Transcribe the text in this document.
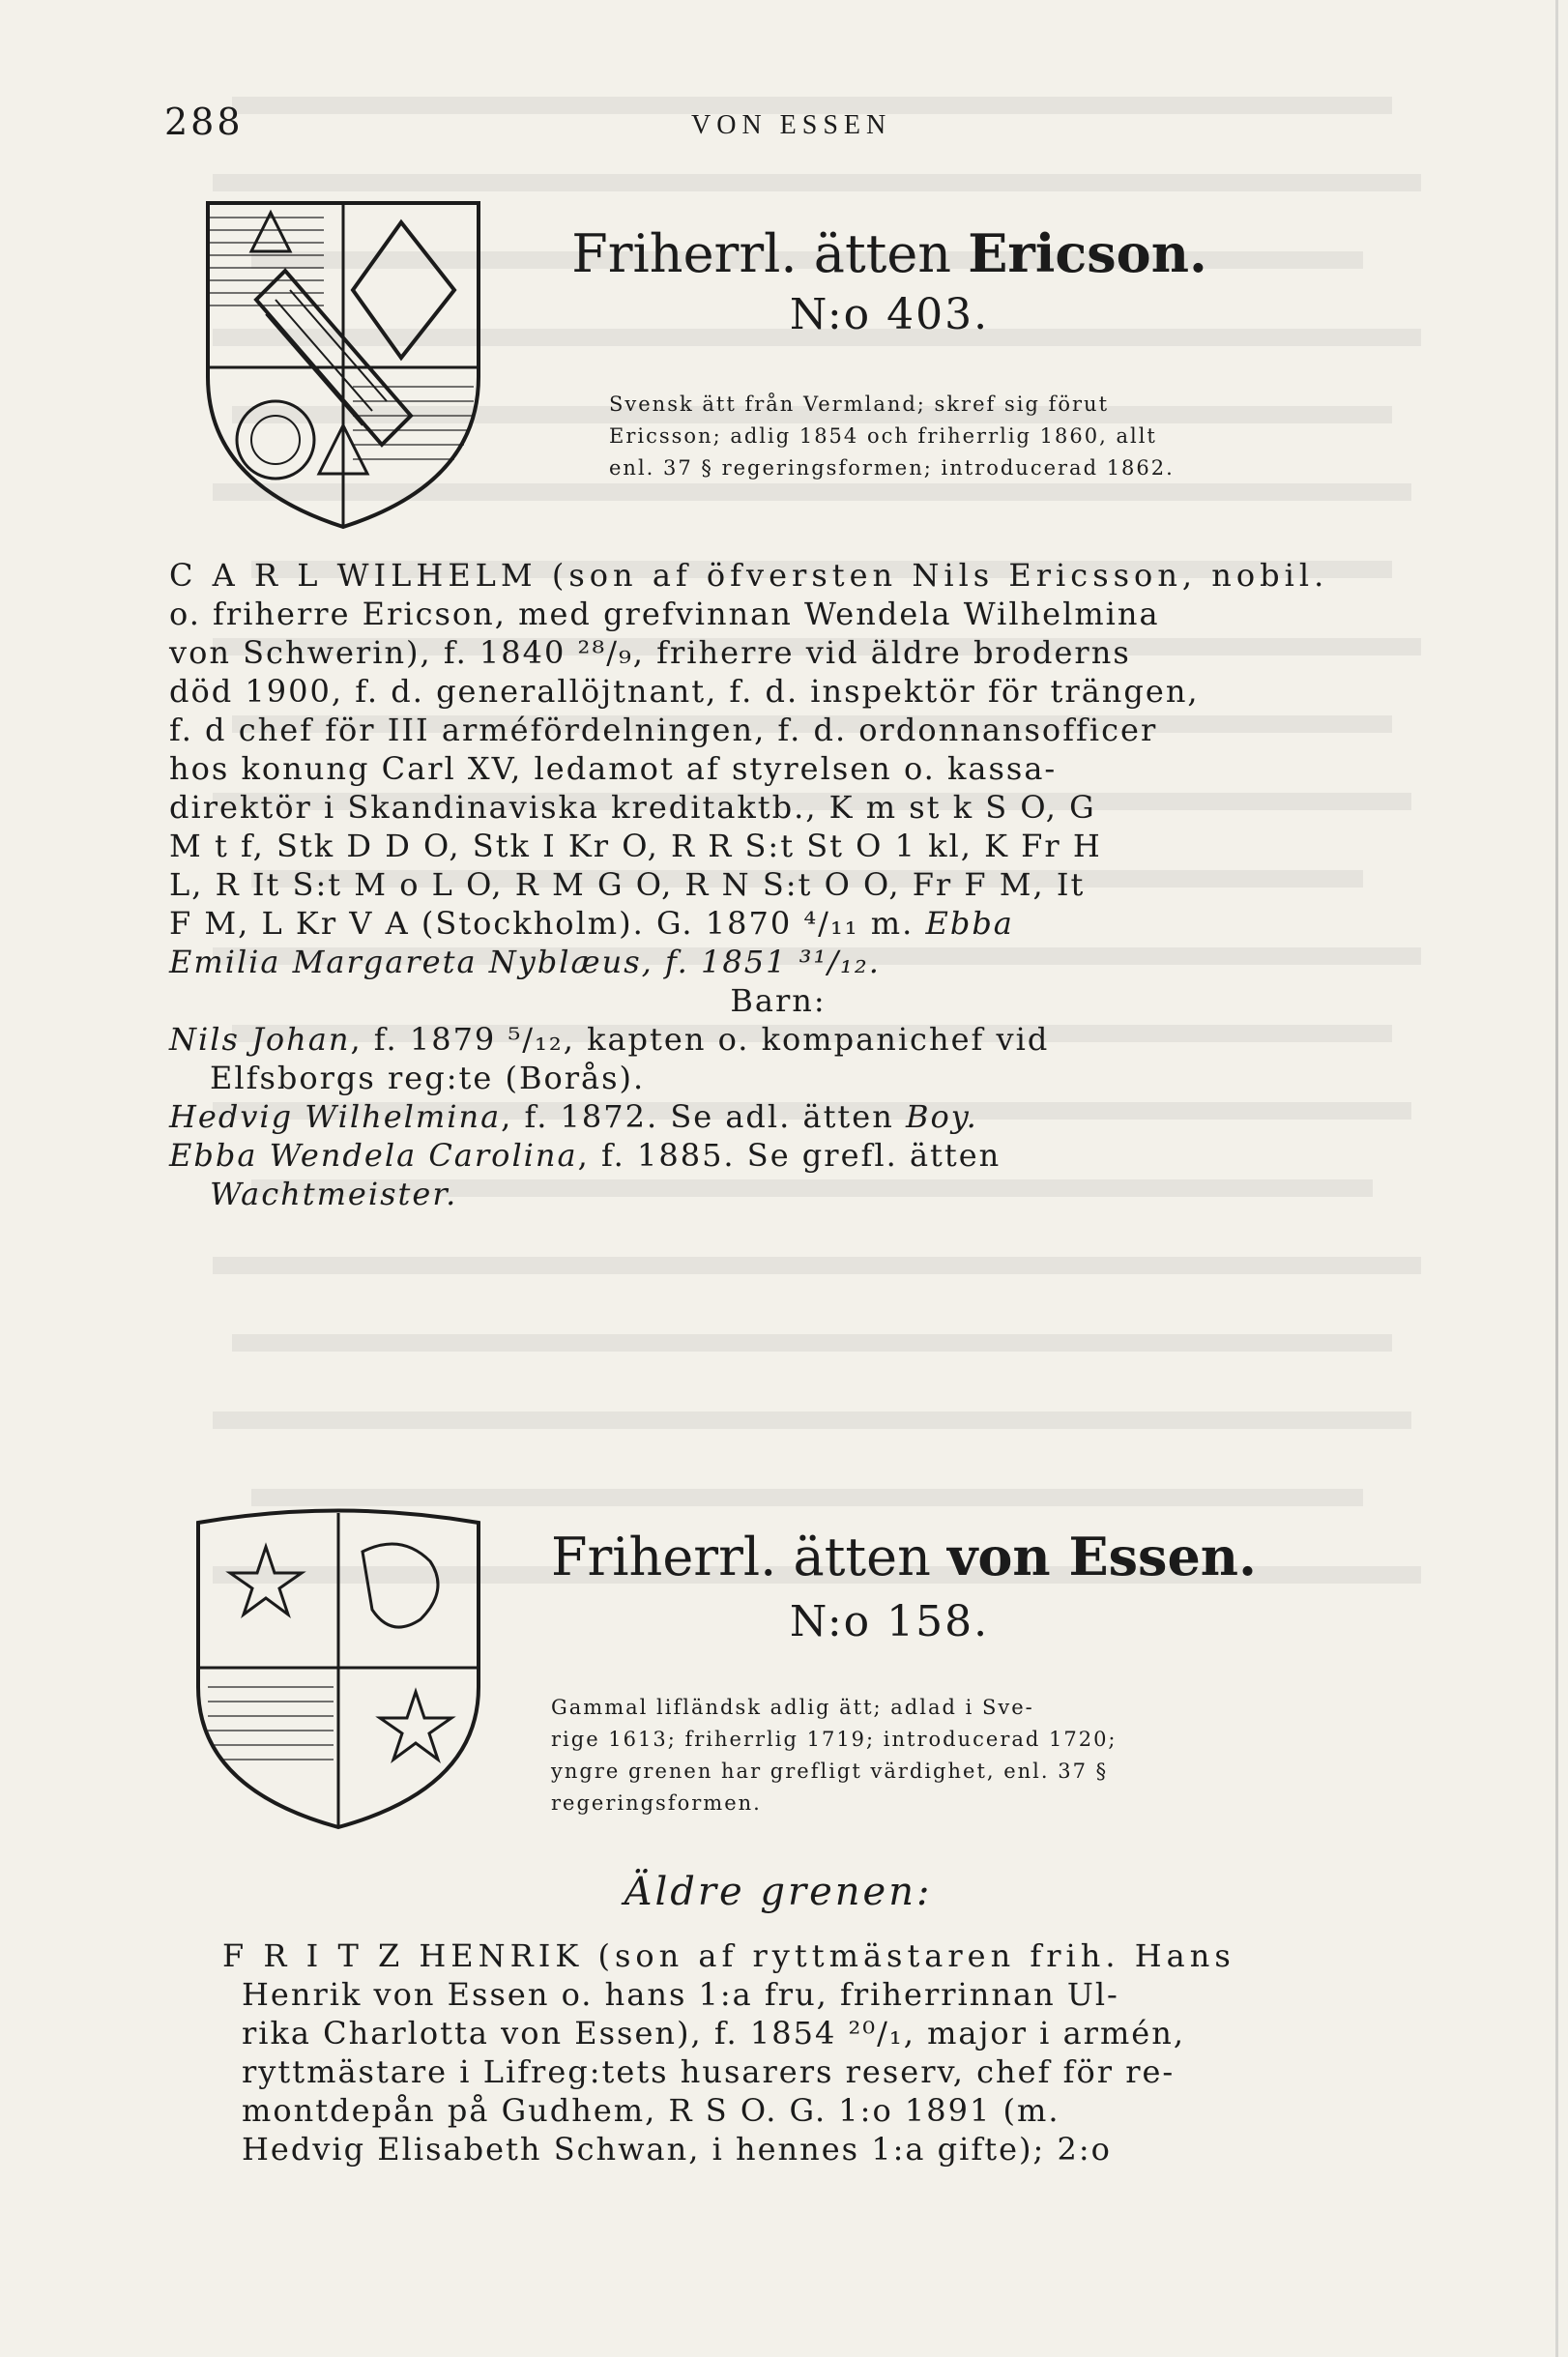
288	VON ESSEN
Friherrl. ätten Ericson.
N:o 403.
Svensk ätt från Vermland; skref sig förut
Ericsson; adlig 1854 och friherrlig 1860, allt
enl. 37 § regeringsformen; introducerad 1862.
C A R L WILHELM (son af öfversten Nils Ericsson, nobil.
o. friherre Ericson, med grefvinnan Wendela Wilhelmina
von Schwerin), f. 1840 ²⁸/₉, friherre vid äldre broderns
död 1900, f. d. generallöjtnant, f. d. inspektör för trängen,
f. d chef för III arméfördelningen, f. d. ordonnansofficer
hos konung Carl XV, ledamot af styrelsen o. kassa-
direktör i Skandinaviska kreditaktb., K m st k S O, G
M t f, Stk D D O, Stk I Kr O, R R S:t St O 1 kl, K Fr H
L, R It S:t M o L O, R M G O, R N S:t O O, Fr F M, It
F M, L Kr V A (Stockholm). G. 1870 ⁴/₁₁ m. Ebba
Emilia Margareta Nyblæus, f. 1851 ³¹/₁₂.
Barn:
Nils Johan, f. 1879 ⁵/₁₂, kapten o. kompanichef vid
Elfsborgs reg:te (Borås).
Hedvig Wilhelmina, f. 1872. Se adl. ätten Boy.
Ebba Wendela Carolina, f. 1885. Se grefl. ätten
Wachtmeister.
Friherrl. ätten von Essen.
N:o 158.
Gammal lifländsk adlig ätt; adlad i Sve-
rige 1613; friherrlig 1719; introducerad 1720;
yngre grenen har grefligt värdighet, enl. 37 §
regeringsformen.
Äldre grenen:
F R I T Z HENRIK (son af ryttmästaren frih. Hans
Henrik von Essen o. hans 1:a fru, friherrinnan Ul-
rika Charlotta von Essen), f. 1854 ²⁰/₁, major i armén,
ryttmästare i Lifreg:tets husarers reserv, chef för re-
montdepån på Gudhem, R S O. G. 1:o 1891 (m.
Hedvig Elisabeth Schwan, i hennes 1:a gifte); 2:o
